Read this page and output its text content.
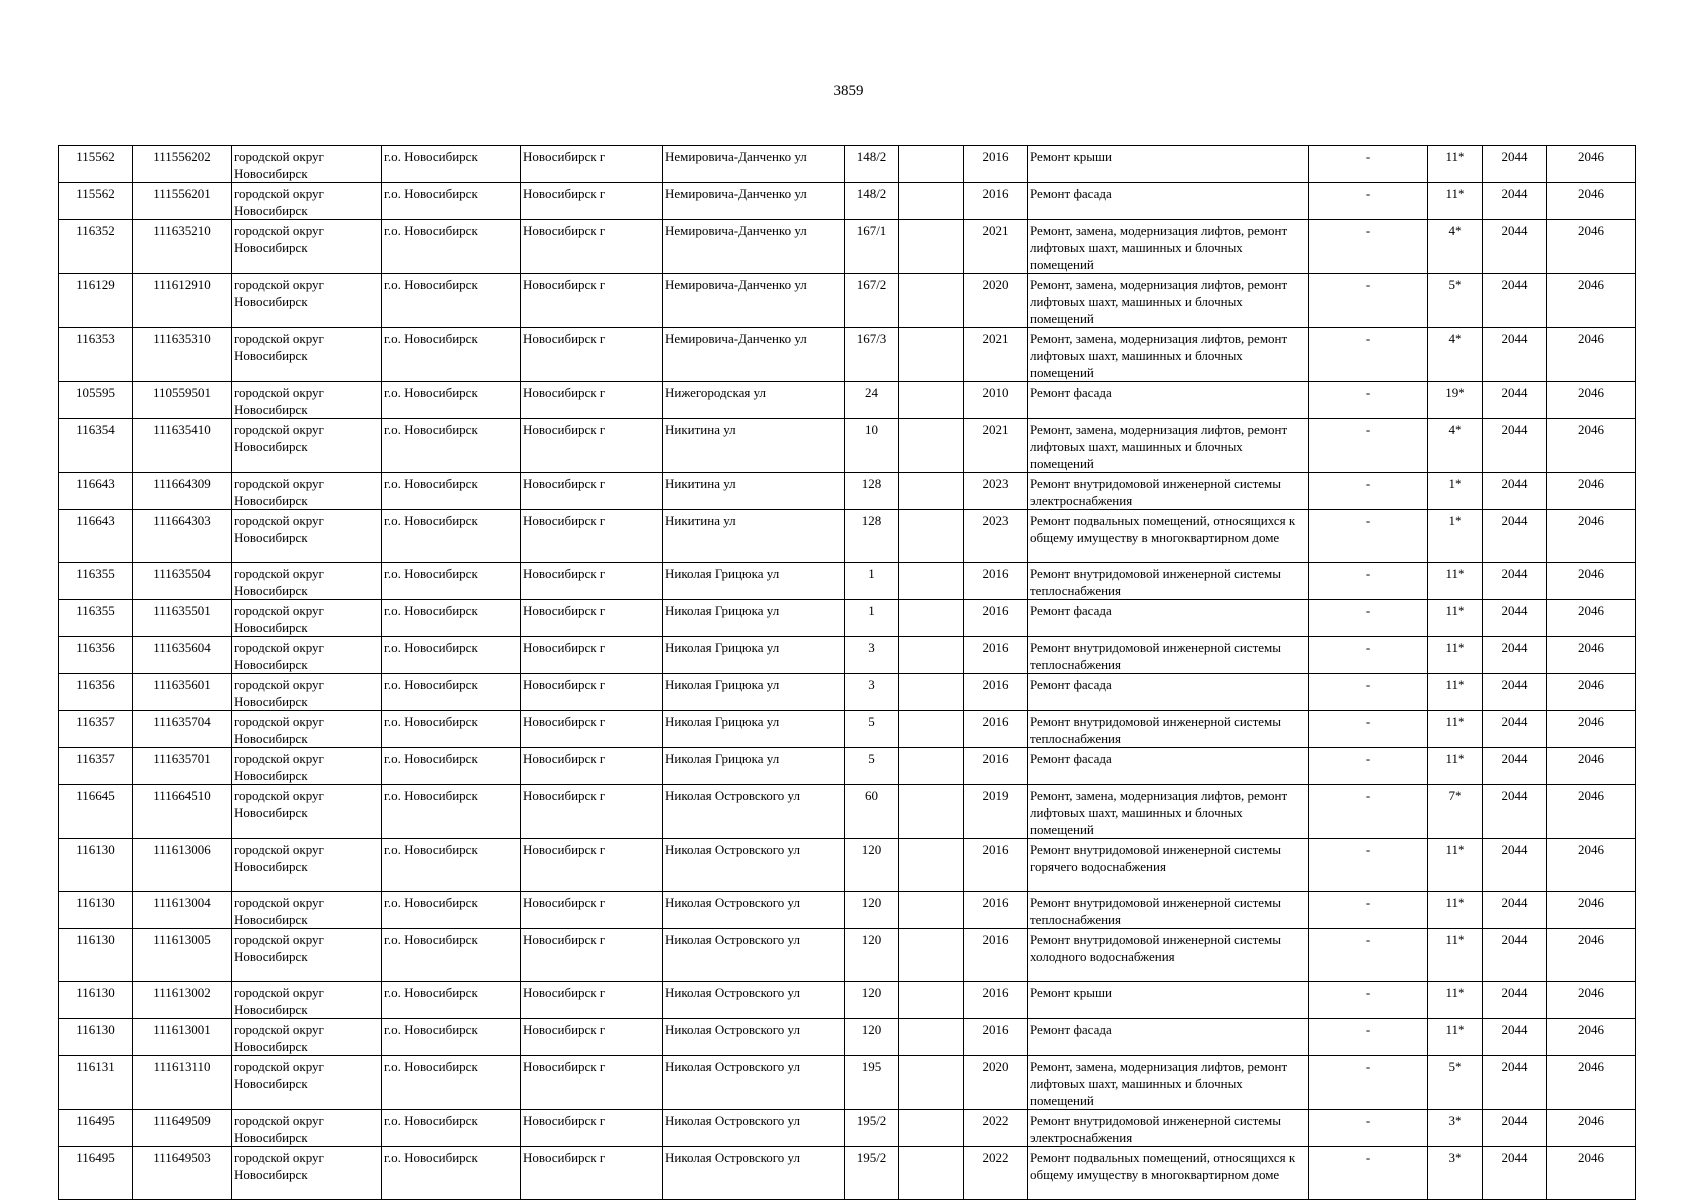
3859
115562	111556202	городской округ Новосибирск	г.о. Новосибирск	Новосибирск г	Немировича-Данченко ул	148/2		2016	Ремонт крыши	-	11*	2044	2046
115562	111556201	городской округ Новосибирск	г.о. Новосибирск	Новосибирск г	Немировича-Данченко ул	148/2		2016	Ремонт фасада	-	11*	2044	2046
116352	111635210	городской округ Новосибирск	г.о. Новосибирск	Новосибирск г	Немировича-Данченко ул	167/1		2021	Ремонт, замена, модернизация лифтов, ремонт лифтовых шахт, машинных и блочных помещений	-	4*	2044	2046
116129	111612910	городской округ Новосибирск	г.о. Новосибирск	Новосибирск г	Немировича-Данченко ул	167/2		2020	Ремонт, замена, модернизация лифтов, ремонт лифтовых шахт, машинных и блочных помещений	-	5*	2044	2046
116353	111635310	городской округ Новосибирск	г.о. Новосибирск	Новосибирск г	Немировича-Данченко ул	167/3		2021	Ремонт, замена, модернизация лифтов, ремонт лифтовых шахт, машинных и блочных помещений	-	4*	2044	2046
105595	110559501	городской округ Новосибирск	г.о. Новосибирск	Новосибирск г	Нижегородская ул	24		2010	Ремонт фасада	-	19*	2044	2046
116354	111635410	городской округ Новосибирск	г.о. Новосибирск	Новосибирск г	Никитина ул	10		2021	Ремонт, замена, модернизация лифтов, ремонт лифтовых шахт, машинных и блочных помещений	-	4*	2044	2046
116643	111664309	городской округ Новосибирск	г.о. Новосибирск	Новосибирск г	Никитина ул	128		2023	Ремонт внутридомовой инженерной системы электроснабжения	-	1*	2044	2046
116643	111664303	городской округ Новосибирск	г.о. Новосибирск	Новосибирск г	Никитина ул	128		2023	Ремонт подвальных помещений, относящихся к общему имуществу в многоквартирном доме	-	1*	2044	2046
116355	111635504	городской округ Новосибирск	г.о. Новосибирск	Новосибирск г	Николая Грицюка ул	1		2016	Ремонт внутридомовой инженерной системы теплоснабжения	-	11*	2044	2046
116355	111635501	городской округ Новосибирск	г.о. Новосибирск	Новосибирск г	Николая Грицюка ул	1		2016	Ремонт фасада	-	11*	2044	2046
116356	111635604	городской округ Новосибирск	г.о. Новосибирск	Новосибирск г	Николая Грицюка ул	3		2016	Ремонт внутридомовой инженерной системы теплоснабжения	-	11*	2044	2046
116356	111635601	городской округ Новосибирск	г.о. Новосибирск	Новосибирск г	Николая Грицюка ул	3		2016	Ремонт фасада	-	11*	2044	2046
116357	111635704	городской округ Новосибирск	г.о. Новосибирск	Новосибирск г	Николая Грицюка ул	5		2016	Ремонт внутридомовой инженерной системы теплоснабжения	-	11*	2044	2046
116357	111635701	городской округ Новосибирск	г.о. Новосибирск	Новосибирск г	Николая Грицюка ул	5		2016	Ремонт фасада	-	11*	2044	2046
116645	111664510	городской округ Новосибирск	г.о. Новосибирск	Новосибирск г	Николая Островского ул	60		2019	Ремонт, замена, модернизация лифтов, ремонт лифтовых шахт, машинных и блочных помещений	-	7*	2044	2046
116130	111613006	городской округ Новосибирск	г.о. Новосибирск	Новосибирск г	Николая Островского ул	120		2016	Ремонт внутридомовой инженерной системы горячего водоснабжения	-	11*	2044	2046
116130	111613004	городской округ Новосибирск	г.о. Новосибирск	Новосибирск г	Николая Островского ул	120		2016	Ремонт внутридомовой инженерной системы теплоснабжения	-	11*	2044	2046
116130	111613005	городской округ Новосибирск	г.о. Новосибирск	Новосибирск г	Николая Островского ул	120		2016	Ремонт внутридомовой инженерной системы холодного водоснабжения	-	11*	2044	2046
116130	111613002	городской округ Новосибирск	г.о. Новосибирск	Новосибирск г	Николая Островского ул	120		2016	Ремонт крыши	-	11*	2044	2046
116130	111613001	городской округ Новосибирск	г.о. Новосибирск	Новосибирск г	Николая Островского ул	120		2016	Ремонт фасада	-	11*	2044	2046
116131	111613110	городской округ Новосибирск	г.о. Новосибирск	Новосибирск г	Николая Островского ул	195		2020	Ремонт, замена, модернизация лифтов, ремонт лифтовых шахт, машинных и блочных помещений	-	5*	2044	2046
116495	111649509	городской округ Новосибирск	г.о. Новосибирск	Новосибирск г	Николая Островского ул	195/2		2022	Ремонт внутридомовой инженерной системы электроснабжения	-	3*	2044	2046
116495	111649503	городской округ Новосибирск	г.о. Новосибирск	Новосибирск г	Николая Островского ул	195/2		2022	Ремонт подвальных помещений, относящихся к общему имуществу в многоквартирном доме	-	3*	2044	2046
